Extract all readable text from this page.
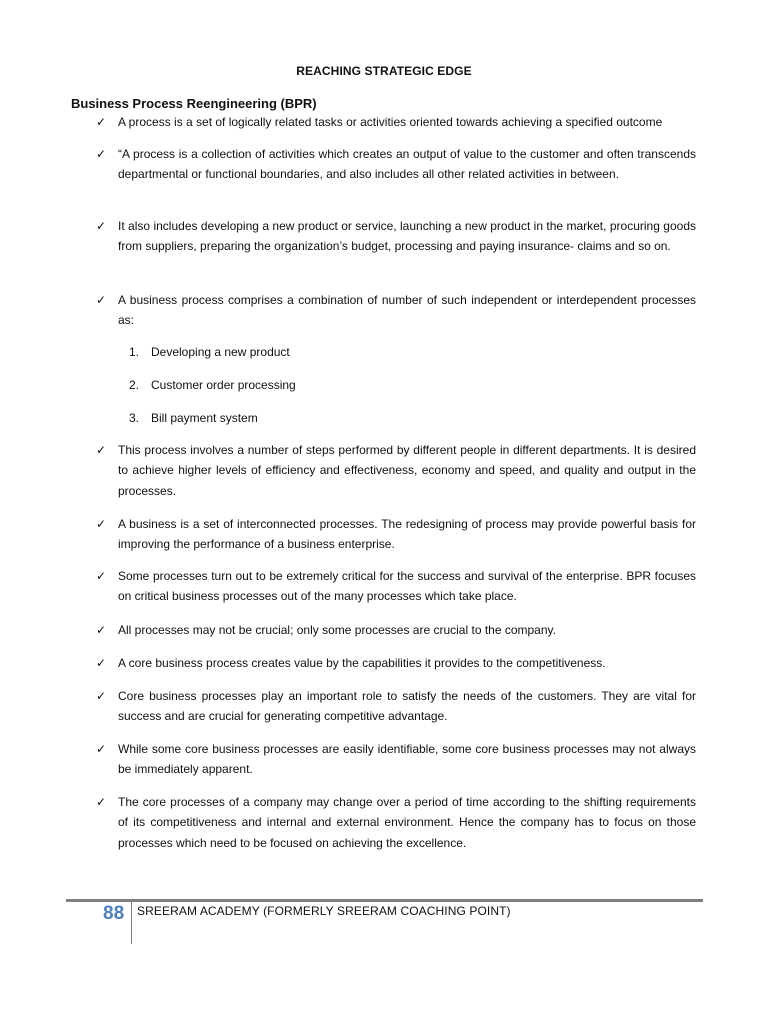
REACHING STRATEGIC EDGE
Business Process Reengineering (BPR)
✓ A process is a set of logically related tasks or activities oriented towards achieving a specified outcome
✓ “A process is a collection of activities which creates an output of value to the customer and often transcends departmental or functional boundaries, and also includes all other related activities in between.
✓ It also includes developing a new product or service, launching a new product in the market, procuring goods from suppliers, preparing the organization’s budget, processing and paying insurance- claims and so on.
✓ A business process comprises a combination of number of such independent or interdependent processes as:
1. Developing a new product
2. Customer order processing
3. Bill payment system
✓ This process involves a number of steps performed by different people in different departments. It is desired to achieve higher levels of efficiency and effectiveness, economy and speed, and quality and output in the processes.
✓ A business is a set of interconnected processes. The redesigning of process may provide powerful basis for improving the performance of a business enterprise.
✓ Some processes turn out to be extremely critical for the success and survival of the enterprise. BPR focuses on critical business processes out of the many processes which take place.
✓ All processes may not be crucial; only some processes are crucial to the company.
✓ A core business process creates value by the capabilities it provides to the competitiveness.
✓ Core business processes play an important role to satisfy the needs of the customers. They are vital for success and are crucial for generating competitive advantage.
✓ While some core business processes are easily identifiable, some core business processes may not always be immediately apparent.
✓ The core processes of a company may change over a period of time according to the shifting requirements of its competitiveness and internal and external environment. Hence the company has to focus on those processes which need to be focused on achieving the excellence.
88 SREERAM ACADEMY (FORMERLY SREERAM COACHING POINT)
